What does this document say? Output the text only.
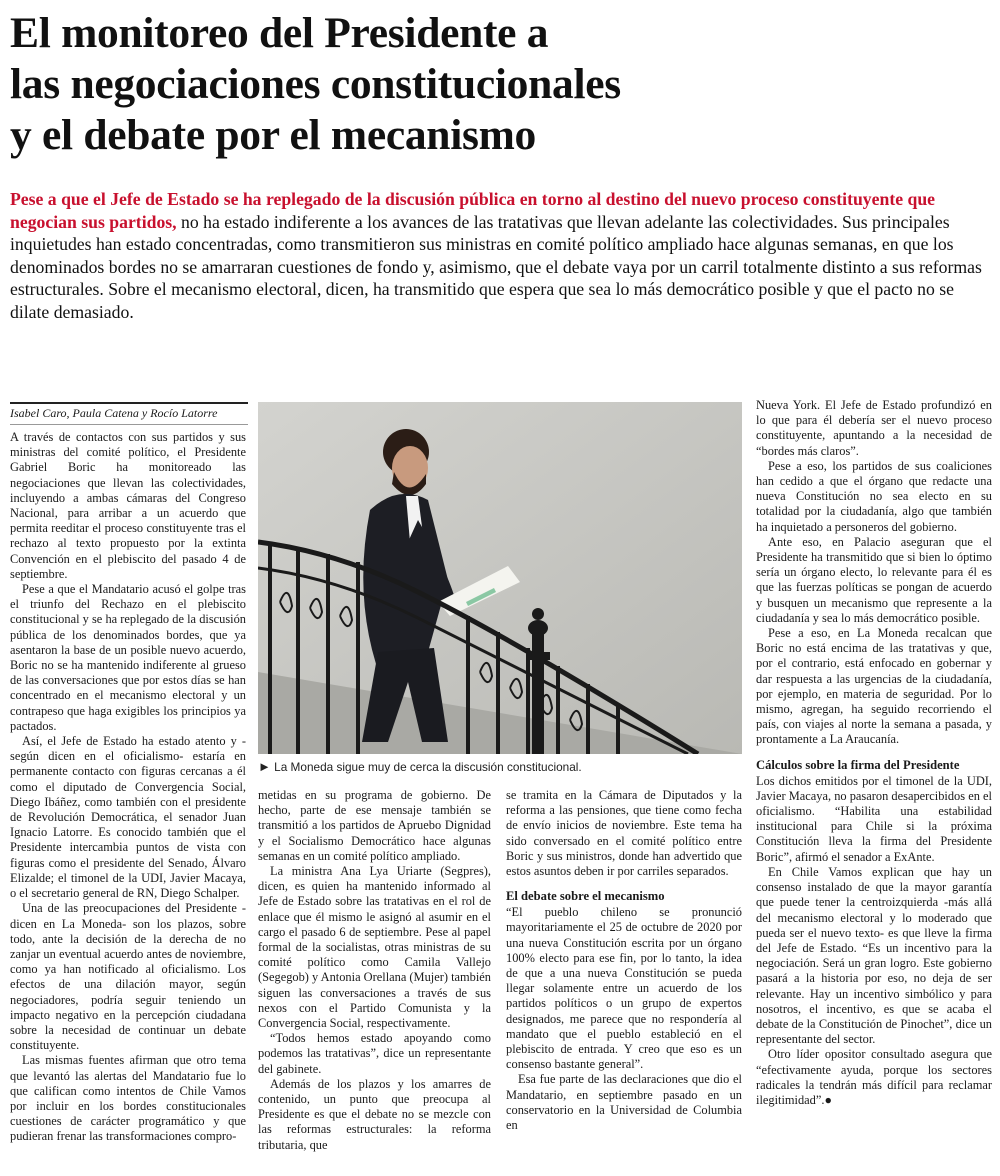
El monitoreo del Presidente a
las negociaciones constitucionales
y el debate por el mecanismo

Pese a que el Jefe de Estado se ha replegado de la discusión pública en torno al destino del nuevo proceso constituyente que negocian sus partidos, no ha estado indiferente a los avances de las tratativas que llevan adelante las colectividades. Sus principales inquietudes han estado concentradas, como transmitieron sus ministras en comité político ampliado hace algunas semanas, en que los denominados bordes no se amarraran cuestiones de fondo y, asimismo, que el debate vaya por un carril totalmente distinto a sus reformas estructurales. Sobre el mecanismo electoral, dicen, ha transmitido que espera que sea lo más democrático posible y que el pacto no se dilate demasiado.

Isabel Caro, Paula Catena y Rocío Latorre

A través de contactos con sus partidos y sus ministras del comité político, el Presidente Gabriel Boric ha monitoreado las negociaciones que llevan las colectividades, incluyendo a ambas cámaras del Congreso Nacional, para arribar a un acuerdo que permita reeditar el proceso constituyente tras el rechazo al texto propuesto por la extinta Convención en el plebiscito del pasado 4 de septiembre.

Pese a que el Mandatario acusó el golpe tras el triunfo del Rechazo en el plebiscito constitucional y se ha replegado de la discusión pública de los denominados bordes, que ya asentaron la base de un posible nuevo acuerdo, Boric no se ha mantenido indiferente al grueso de las conversaciones que por estos días se han concentrado en el mecanismo electoral y un contrapeso que haga exigibles los principios ya pactados.

Así, el Jefe de Estado ha estado atento y -según dicen en el oficialismo- estaría en permanente contacto con figuras cercanas a él como el diputado de Convergencia Social, Diego Ibáñez, como también con el presidente de Revolución Democrática, el senador Juan Ignacio Latorre. Es conocido también que el Presidente intercambia puntos de vista con figuras como el presidente del Senado, Álvaro Elizalde; el timonel de la UDI, Javier Macaya, o el secretario general de RN, Diego Schalper.

Una de las preocupaciones del Presidente -dicen en La Moneda- son los plazos, sobre todo, ante la decisión de la derecha de no zanjar un eventual acuerdo antes de noviembre, como ya han notificado al oficialismo. Los efectos de una dilación mayor, según negociadores, podría seguir teniendo un impacto negativo en la percepción ciudadana sobre la necesidad de continuar un debate constituyente.

Las mismas fuentes afirman que otro tema que levantó las alertas del Mandatario fue lo que califican como intentos de Chile Vamos por incluir en los bordes constitucionales cuestiones de carácter programático y que pudieran frenar las transformaciones compro-

► La Moneda sigue muy de cerca la discusión constitucional.

metidas en su programa de gobierno. De hecho, parte de ese mensaje también se transmitió a los partidos de Apruebo Dignidad y el Socialismo Democrático hace algunas semanas en un comité político ampliado.

La ministra Ana Lya Uriarte (Segpres), dicen, es quien ha mantenido informado al Jefe de Estado sobre las tratativas en el rol de enlace que él mismo le asignó al asumir en el cargo el pasado 6 de septiembre. Pese al papel formal de la socialistas, otras ministras de su comité político como Camila Vallejo (Segegob) y Antonia Orellana (Mujer) también siguen las conversaciones a través de sus nexos con el Partido Comunista y la Convergencia Social, respectivamente.

“Todos hemos estado apoyando como podemos las tratativas”, dice un representante del gabinete.

Además de los plazos y los amarres de contenido, un punto que preocupa al Presidente es que el debate no se mezcle con las reformas estructurales: la reforma tributaria, que

se tramita en la Cámara de Diputados y la reforma a las pensiones, que tiene como fecha de envío inicios de noviembre. Este tema ha sido conversado en el comité político entre Boric y sus ministros, donde han advertido que estos asuntos deben ir por carriles separados.

El debate sobre el mecanismo

“El pueblo chileno se pronunció mayoritariamente el 25 de octubre de 2020 por una nueva Constitución escrita por un órgano 100% electo para ese fin, por lo tanto, la idea de que a una nueva Constitución se pueda llegar solamente entre un acuerdo de los partidos políticos o un grupo de expertos designados, me parece que no respondería al mandato que el pueblo estableció en el plebiscito de entrada. Y creo que eso es un consenso bastante general”.

Esa fue parte de las declaraciones que dio el Mandatario, en septiembre pasado en un conservatorio en la Universidad de Columbia en

Nueva York. El Jefe de Estado profundizó en lo que para él debería ser el nuevo proceso constituyente, apuntando a la necesidad de “bordes más claros”.

Pese a eso, los partidos de sus coaliciones han cedido a que el órgano que redacte una nueva Constitución no sea electo en su totalidad por la ciudadanía, algo que también ha inquietado a personeros del gobierno.

Ante eso, en Palacio aseguran que el Presidente ha transmitido que si bien lo óptimo sería un órgano electo, lo relevante para él es que las fuerzas políticas se pongan de acuerdo y busquen un mecanismo que represente a la ciudadanía y sea lo más democrático posible.

Pese a eso, en La Moneda recalcan que Boric no está encima de las tratativas y que, por el contrario, está enfocado en gobernar y dar respuesta a las urgencias de la ciudadanía, por ejemplo, en materia de seguridad. Por lo mismo, agregan, ha seguido recorriendo el país, con viajes al norte la semana a pasada, y prontamente a La Araucanía.

Cálculos sobre la firma del Presidente

Los dichos emitidos por el timonel de la UDI, Javier Macaya, no pasaron desapercibidos en el oficialismo. “Habilita una estabilidad institucional para Chile si la próxima Constitución lleva la firma del Presidente Boric”, afirmó el senador a ExAnte.

En Chile Vamos explican que hay un consenso instalado de que la mayor garantía que puede tener la centroizquierda -más allá del mecanismo electoral y lo moderado que pueda ser el nuevo texto- es que lleve la firma del Jefe de Estado. “Es un incentivo para la negociación. Será un gran logro. Este gobierno pasará a la historia por eso, no deja de ser relevante. Hay un incentivo simbólico y para nosotros, el incentivo, es que se acaba el debate de la Constitución de Pinochet”, dice un representante del sector.

Otro líder opositor consultado asegura que “efectivamente ayuda, porque los sectores radicales la tendrán más difícil para reclamar ilegitimidad”.●
